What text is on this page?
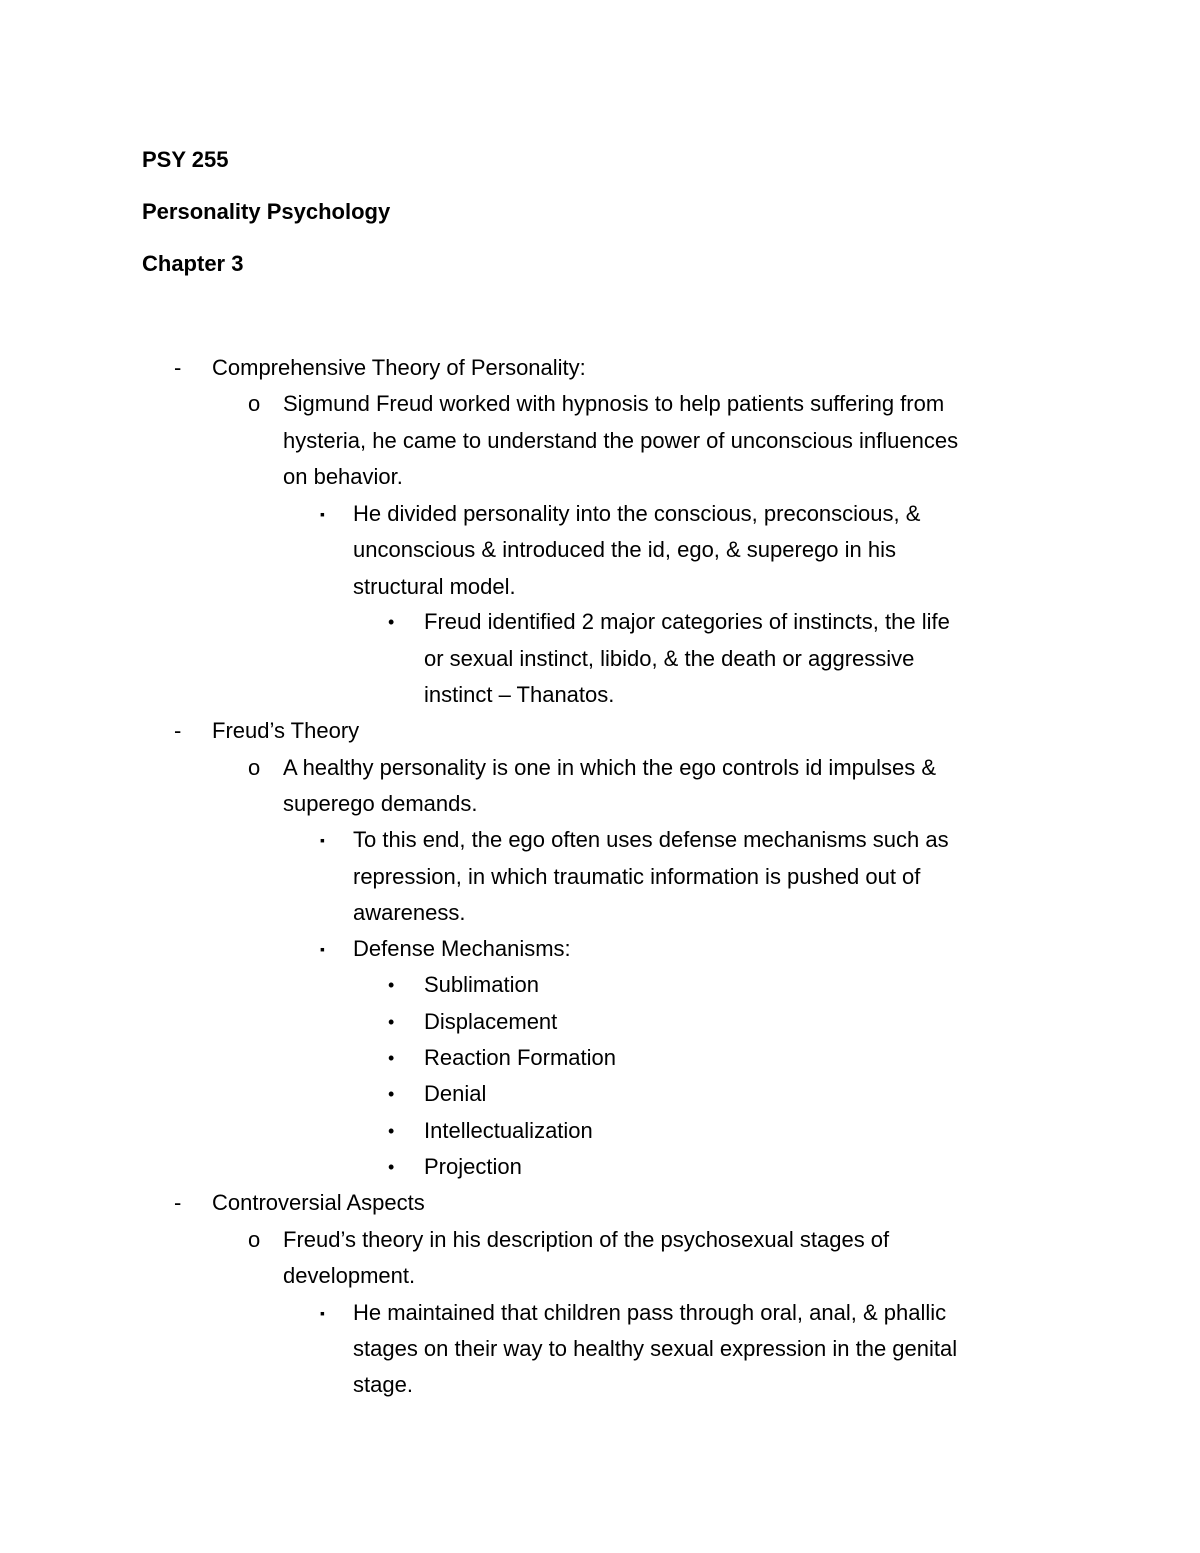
PSY 255
Personality Psychology
Chapter 3
- Comprehensive Theory of Personality:
o Sigmund Freud worked with hypnosis to help patients suffering from
hysteria, he came to understand the power of unconscious influences
on behavior.
▪ He divided personality into the conscious, preconscious, &
unconscious & introduced the id, ego, & superego in his
structural model.
• Freud identified 2 major categories of instincts, the life
or sexual instinct, libido, & the death or aggressive
instinct – Thanatos.
- Freud’s Theory
o A healthy personality is one in which the ego controls id impulses &
superego demands.
▪ To this end, the ego often uses defense mechanisms such as
repression, in which traumatic information is pushed out of
awareness.
▪ Defense Mechanisms:
• Sublimation
• Displacement
• Reaction Formation
• Denial
• Intellectualization
• Projection
- Controversial Aspects
o Freud’s theory in his description of the psychosexual stages of
development.
▪ He maintained that children pass through oral, anal, & phallic
stages on their way to healthy sexual expression in the genital
stage.
